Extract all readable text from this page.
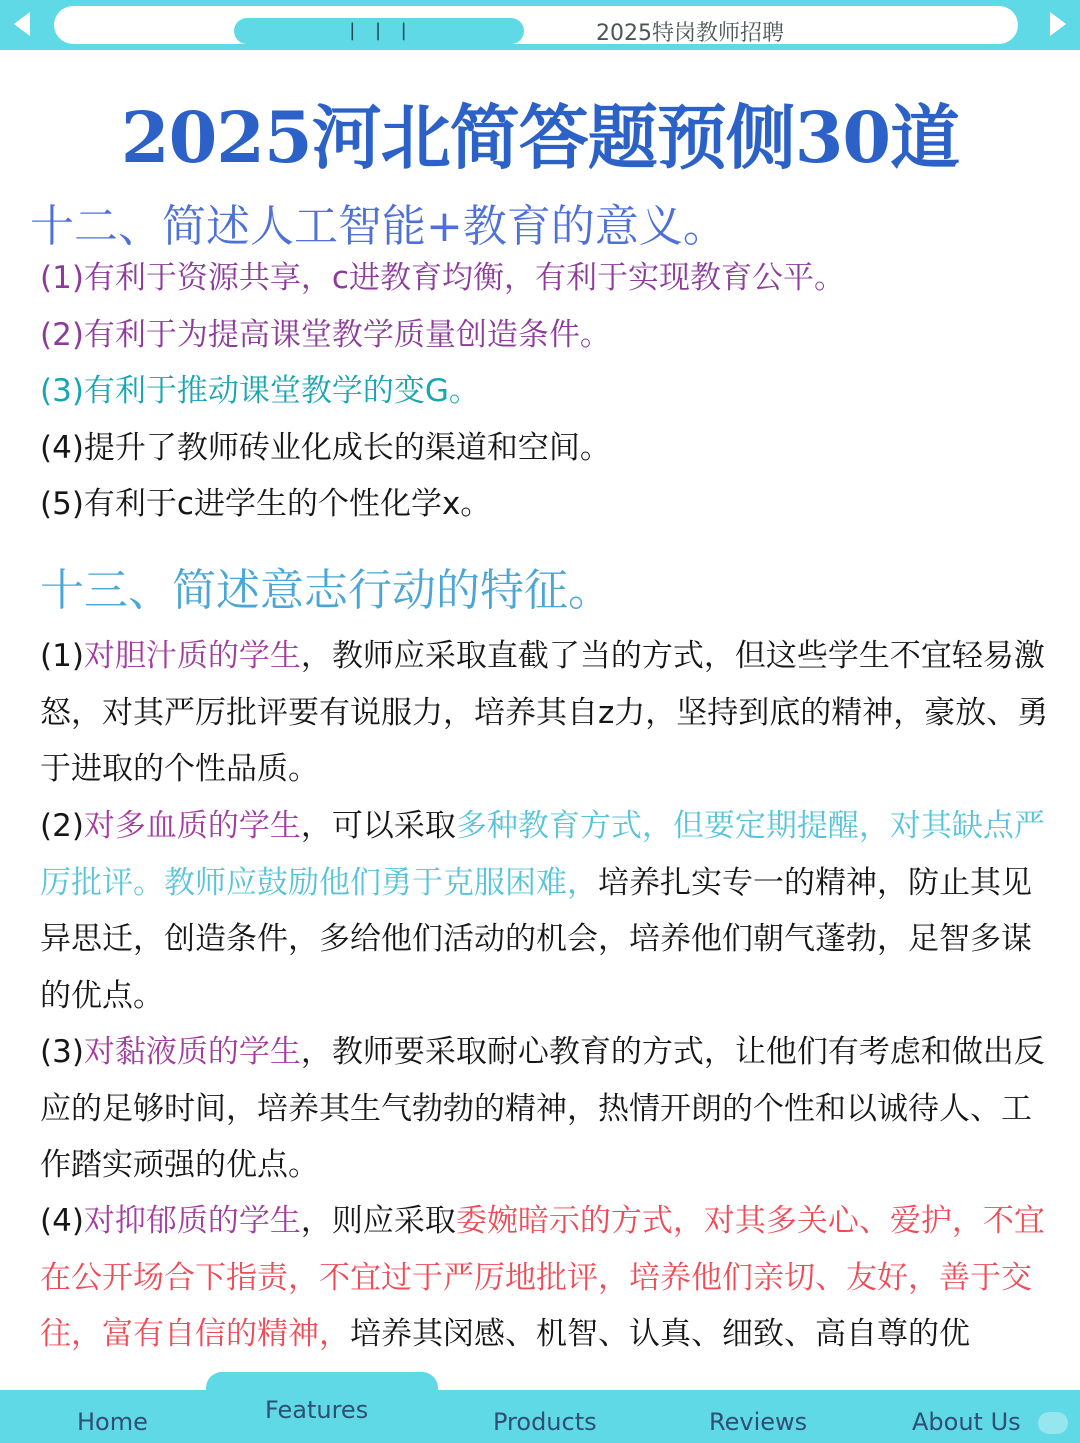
| | |	2025特岗教师招聘
2025河北简答题预侧30道
十二、简述人工智能+教育的意义。
(1)有利于资源共享，c进教育均衡，有利于实现教育公平。
(2)有利于为提高课堂教学质量创造条件。
(3)有利于推动课堂教学的变G。
(4)提升了教师砖业化成长的渠道和空间。
(5)有利于c进学生的个性化学x。
十三、简述意志行动的特征。
(1)对胆汁质的学生，教师应采取直截了当的方式，但这些学生不宜轻易激怒，对其严厉批评要有说服力，培养其自z力，坚持到底的精神，豪放、勇于进取的个性品质。
(2)对多血质的学生，可以采取多种教育方式，但要定期提醒，对其缺点严厉批评。教师应鼓励他们勇于克服困难，培养扎实专一的精神，防止其见异思迁，创造条件，多给他们活动的机会，培养他们朝气蓬勃，足智多谋的优点。
(3)对黏液质的学生，教师要采取耐心教育的方式，让他们有考虑和做出反应的足够时间，培养其生气勃勃的精神，热情开朗的个性和以诚待人、工作踏实顽强的优点。
(4)对抑郁质的学生，则应采取委婉暗示的方式，对其多关心、爱护，不宜在公开场合下指责，不宜过于严厉地批评，培养他们亲切、友好，善于交往，富有自信的精神，培养其闵感、机智、认真、细致、高自尊的优
Home	Features	Products	Reviews	About Us
